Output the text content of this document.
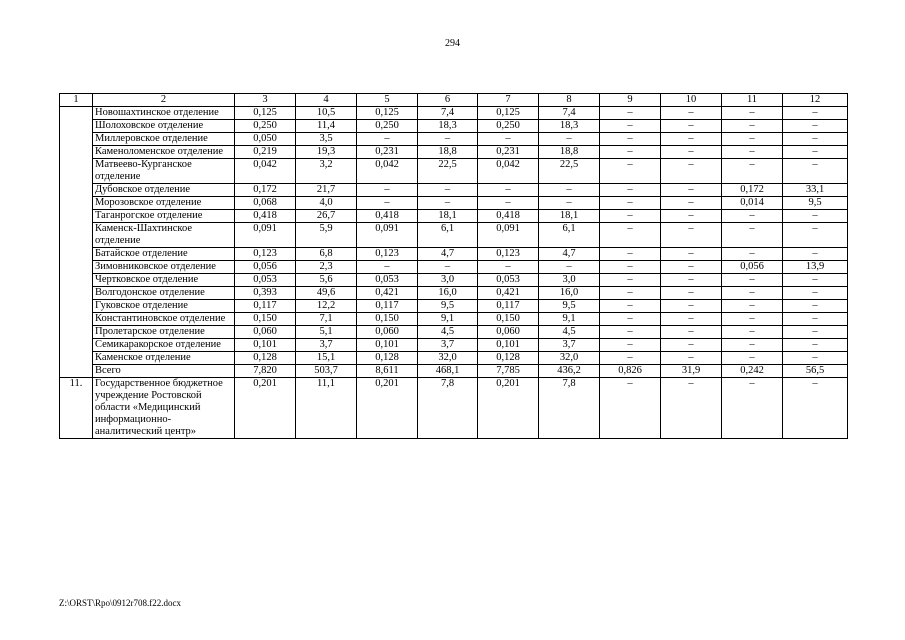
294
1	2	3	4	5	6	7	8	9	10	11	12
	Новошахтинское отделение	0,125	10,5	0,125	7,4	0,125	7,4	–	–	–	–
	Шолоховское отделение	0,250	11,4	0,250	18,3	0,250	18,3	–	–	–	–
	Миллеровское отделение	0,050	3,5	–	–	–	–	–	–	–	–
	Каменоломенское отделение	0,219	19,3	0,231	18,8	0,231	18,8	–	–	–	–
	Матвеево-Курганское отделение	0,042	3,2	0,042	22,5	0,042	22,5	–	–	–	–
	Дубовское отделение	0,172	21,7	–	–	–	–	–	–	0,172	33,1
	Морозовское отделение	0,068	4,0	–	–	–	–	–	–	0,014	9,5
	Таганрогское отделение	0,418	26,7	0,418	18,1	0,418	18,1	–	–	–	–
	Каменск-Шахтинское отделение	0,091	5,9	0,091	6,1	0,091	6,1	–	–	–	–
	Батайское отделение	0,123	6,8	0,123	4,7	0,123	4,7	–	–	–	–
	Зимовниковское отделение	0,056	2,3	–	–	–	–	–	–	0,056	13,9
	Чертковское отделение	0,053	5,6	0,053	3,0	0,053	3,0	–	–	–	–
	Волгодонское отделение	0,393	49,6	0,421	16,0	0,421	16,0	–	–	–	–
	Гуковское отделение	0,117	12,2	0,117	9,5	0,117	9,5	–	–	–	–
	Константиновское отделение	0,150	7,1	0,150	9,1	0,150	9,1	–	–	–	–
	Пролетарское отделение	0,060	5,1	0,060	4,5	0,060	4,5	–	–	–	–
	Семикаракорское отделение	0,101	3,7	0,101	3,7	0,101	3,7	–	–	–	–
	Каменское отделение	0,128	15,1	0,128	32,0	0,128	32,0	–	–	–	–
	Всего	7,820	503,7	8,611	468,1	7,785	436,2	0,826	31,9	0,242	56,5
11.	Государственное бюджетное учреждение Ростовской области «Медицинский информационно-аналитический центр»	0,201	11,1	0,201	7,8	0,201	7,8	–	–	–	–
Z:\ORST\Rpo\0912r708.f22.docx
